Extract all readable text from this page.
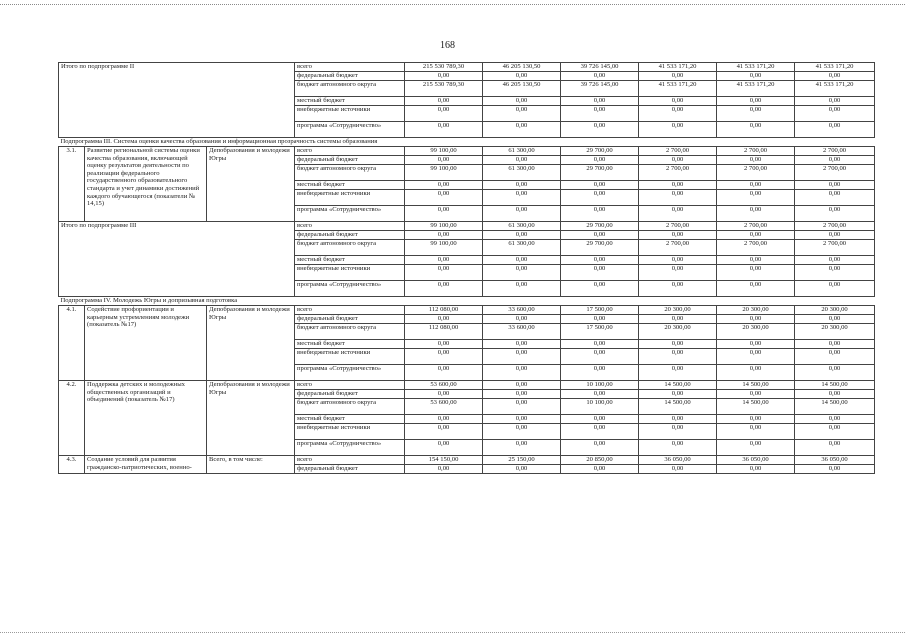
168
Итого по подпрограмме II			всего	215 530 789,30	46 205 130,50	39 726 145,00	41 533 171,20	41 533 171,20	41 533 171,20
			федеральный бюджет	0,00	0,00	0,00	0,00	0,00	0,00
			бюджет автономного округа	215 530 789,30	46 205 130,50	39 726 145,00	41 533 171,20	41 533 171,20	41 533 171,20
			местный бюджет	0,00	0,00	0,00	0,00	0,00	0,00
			внебюджетные источники	0,00	0,00	0,00	0,00	0,00	0,00
			программа «Сотрудничество»	0,00	0,00	0,00	0,00	0,00	0,00
Подпрограмма III. Система оценки качества образования и информационная прозрачность системы образования									
3.1.	Развитие региональной системы оценки качества образования, включающей оценку результатов деятельности по реализации федерального государственного образовательного стандарта и учет динамики достижений каждого обучающегося (показатели № 14,15)	Депобразования и молодежи Югры	всего	99 100,00	61 300,00	29 700,00	2 700,00	2 700,00	2 700,00
			федеральный бюджет	0,00	0,00	0,00	0,00	0,00	0,00
			бюджет автономного округа	99 100,00	61 300,00	29 700,00	2 700,00	2 700,00	2 700,00
			местный бюджет	0,00	0,00	0,00	0,00	0,00	0,00
			внебюджетные источники	0,00	0,00	0,00	0,00	0,00	0,00
			программа «Сотрудничество»	0,00	0,00	0,00	0,00	0,00	0,00
Итого по подпрограмме III			всего	99 100,00	61 300,00	29 700,00	2 700,00	2 700,00	2 700,00
			федеральный бюджет	0,00	0,00	0,00	0,00	0,00	0,00
			бюджет автономного округа	99 100,00	61 300,00	29 700,00	2 700,00	2 700,00	2 700,00
			местный бюджет	0,00	0,00	0,00	0,00	0,00	0,00
			внебюджетные источники	0,00	0,00	0,00	0,00	0,00	0,00
			программа «Сотрудничество»	0,00	0,00	0,00	0,00	0,00	0,00
Подпрограмма IV. Молодежь Югры и допризывная подготовка									
4.1.	Содействие профориентации и карьерным устремлениям молодежи (показатель №17)	Депобразования и молодежи Югры	всего	112 080,00	33 600,00	17 500,00	20 300,00	20 300,00	20 300,00
			федеральный бюджет	0,00	0,00	0,00	0,00	0,00	0,00
			бюджет автономного округа	112 080,00	33 600,00	17 500,00	20 300,00	20 300,00	20 300,00
			местный бюджет	0,00	0,00	0,00	0,00	0,00	0,00
			внебюджетные источники	0,00	0,00	0,00	0,00	0,00	0,00
			программа «Сотрудничество»	0,00	0,00	0,00	0,00	0,00	0,00
4.2.	Поддержка детских и молодежных общественных организаций и объединений (показатель №17)	Депобразования и молодежи Югры	всего	53 600,00	0,00	10 100,00	14 500,00	14 500,00	14 500,00
			федеральный бюджет	0,00	0,00	0,00	0,00	0,00	0,00
			бюджет автономного округа	53 600,00	0,00	10 100,00	14 500,00	14 500,00	14 500,00
			местный бюджет	0,00	0,00	0,00	0,00	0,00	0,00
			внебюджетные источники	0,00	0,00	0,00	0,00	0,00	0,00
			программа «Сотрудничество»	0,00	0,00	0,00	0,00	0,00	0,00
4.3.	Создание условий для развития гражданско-патриотических, военно-	Всего, в том числе:	всего	154 150,00	25 150,00	20 850,00	36 050,00	36 050,00	36 050,00
			федеральный бюджет	0,00	0,00	0,00	0,00	0,00	0,00
